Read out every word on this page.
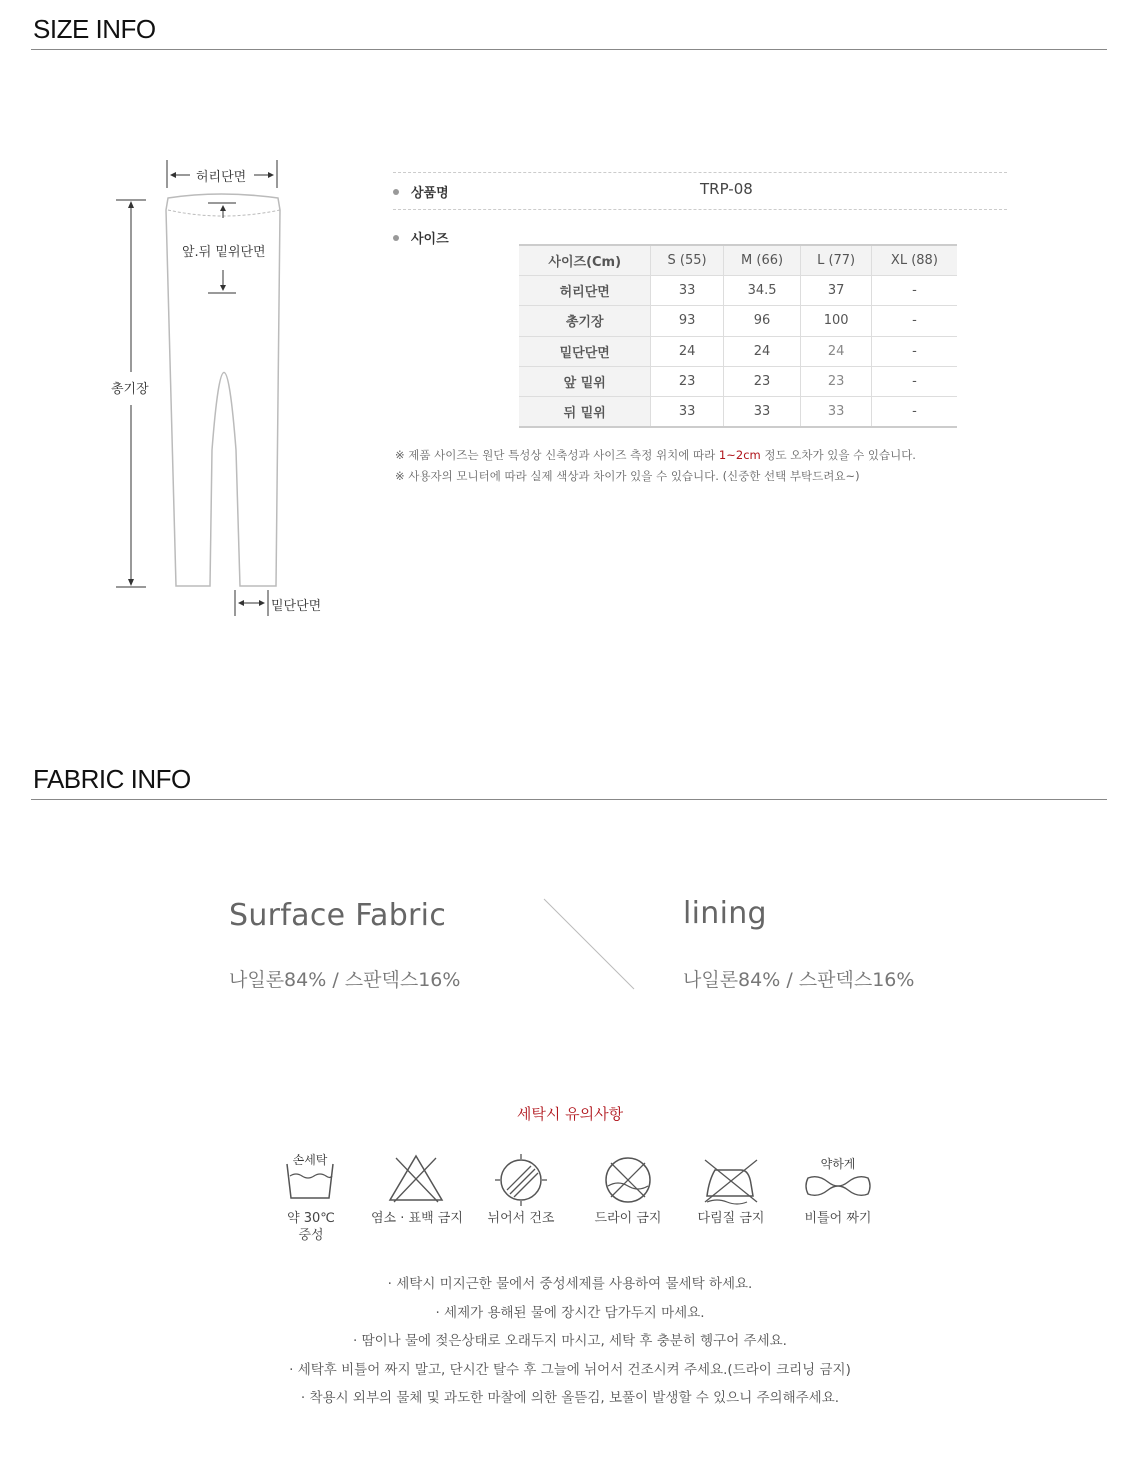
SIZE INFO
허리단면
앞.뒤 밑위단면
총기장
밑단단면
상품명	TRP-08
사이즈
사이즈(Cm)	S (55)	M (66)	L (77)	XL (88)
허리단면	33	34.5	37	-
총기장	93	96	100	-
밑단단면	24	24	24	-
앞 밑위	23	23	23	-
뒤 밑위	33	33	33	-
※ 제품 사이즈는 원단 특성상 신축성과 사이즈 측정 위치에 따라 1~2cm 정도 오차가 있을 수 있습니다.
※ 사용자의 모니터에 따라 실제 색상과 차이가 있을 수 있습니다. (신중한 선택 부탁드려요~)
FABRIC INFO
Surface Fabric
나일론84% / 스판덱스16%
lining
나일론84% / 스판덱스16%
세탁시 유의사항
손세탁
약 30℃
중성
염소 · 표백 금지	뉘어서 건조	드라이 금지	다림질 금지
약하게
비틀어 짜기
· 세탁시 미지근한 물에서 중성세제를 사용하여 물세탁 하세요.
· 세제가 용해된 물에 장시간 담가두지 마세요.
· 땀이나 물에 젖은상태로 오래두지 마시고, 세탁 후 충분히 헹구어 주세요.
· 세탁후 비틀어 짜지 말고, 단시간 탈수 후 그늘에 뉘어서 건조시켜 주세요.(드라이 크리닝 금지)
· 착용시 외부의 물체 및 과도한 마찰에 의한 올뜯김, 보풀이 발생할 수 있으니 주의해주세요.
